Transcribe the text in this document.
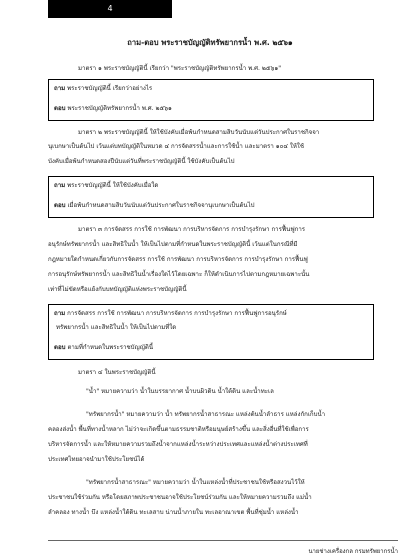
4
ถาม-ตอบ พระราชบัญญัติทรัพยากรน้ำ พ.ศ. ๒๕๖๑
มาตรา ๑ พระราชบัญญัตินี้ เรียกว่า "พระราชบัญญัติทรัพยากรน้ำ พ.ศ. ๒๕๖๑"
ถาม พระราชบัญญัตินี้ เรียกว่าอย่างไร
ตอบ พระราชบัญญัติทรัพยากรน้ำ พ.ศ. ๒๕๖๑
มาตรา ๒ พระราชบัญญัตินี้ ให้ใช้บังคับเมื่อพ้นกำหนดสามสิบวันนับแต่วันประกาศในราชกิจจา
นุเบกษาเป็นต้นไป เว้นแต่บทบัญญัติในหมวด ๔ การจัดสรรน้ำและการใช้น้ำ และมาตรา ๑๐๔ ให้ใช้
บังคับเมื่อพ้นกำหนดสองปีนับแต่วันที่พระราชบัญญัตินี้ ใช้บังคับเป็นต้นไป
ถาม พระราชบัญญัตินี้ ให้ใช้บังคับเมื่อใด
ตอบ เมื่อพ้นกำหนดสามสิบวันนับแต่วันประกาศในราชกิจจานุเบกษาเป็นต้นไป
มาตรา ๓ การจัดสรร การใช้ การพัฒนา การบริหารจัดการ การบำรุงรักษา การฟื้นฟูการ
อนุรักษ์ทรัพยากรน้ำ และสิทธิในน้ำ ให้เป็นไปตามที่กำหนดในพระราชบัญญัตินี้ เว้นแต่ในกรณีที่มี
กฎหมายใดกำหนดเกี่ยวกับการจัดสรร การใช้ การพัฒนา การบริหารจัดการ การบำรุงรักษา การฟื้นฟู
การอนุรักษ์ทรัพยากรน้ำ และสิทธิในน้ำเรื่องใดไว้โดยเฉพาะ ก็ให้ดำเนินการไปตามกฎหมายเฉพาะนั้น
เท่าที่ไม่ขัดหรือแย้งกับบทบัญญัติแห่งพระราชบัญญัตินี้
ถาม การจัดสรร การใช้ การพัฒนา การบริหารจัดการ การบำรุงรักษา การฟื้นฟูการอนุรักษ์
ทรัพยากรน้ำ และสิทธิในน้ำ ให้เป็นไปตามที่ใด
ตอบ ตามที่กำหนดในพระราชบัญญัตินี้
มาตรา ๔ ในพระราชบัญญัตินี้
"น้ำ" หมายความว่า น้ำในบรรยากาศ น้ำบนผิวดิน น้ำใต้ดิน และน้ำทะเล
"ทรัพยากรน้ำ" หมายความว่า น้ำ ทรัพยากรน้ำสาธารณะ แหล่งต้นน้ำลำธาร แหล่งกักเก็บน้ำ
คลองส่งน้ำ พื้นที่ทางน้ำหลาก ไม่ว่าจะเกิดขึ้นตามธรรมชาติหรือมนุษย์สร้างขึ้น และสิ่งอื่นที่ใช้เพื่อการ
บริหารจัดการน้ำ และให้หมายความรวมถึงน้ำจากแหล่งน้ำระหว่างประเทศและแหล่งน้ำต่างประเทศที่
ประเทศไทยอาจนำมาใช้ประโยชน์ได้
"ทรัพยากรน้ำสาธารณะ" หมายความว่า น้ำในแหล่งน้ำที่ประชาชนใช้หรือสงวนไว้ให้
ประชาชนใช้ร่วมกัน หรือโดยสภาพประชาชนอาจใช้ประโยชน์ร่วมกัน และให้หมายความรวมถึง แม่น้ำ
ลำคลอง ทางน้ำ บึง แหล่งน้ำใต้ดิน ทะเลสาบ น่านน้ำภายใน ทะเลอาณาเขต พื้นที่ชุ่มน้ำ แหล่งน้ำ
นายช่างเครื่องกล กรมทรัพยากรน้ำ
